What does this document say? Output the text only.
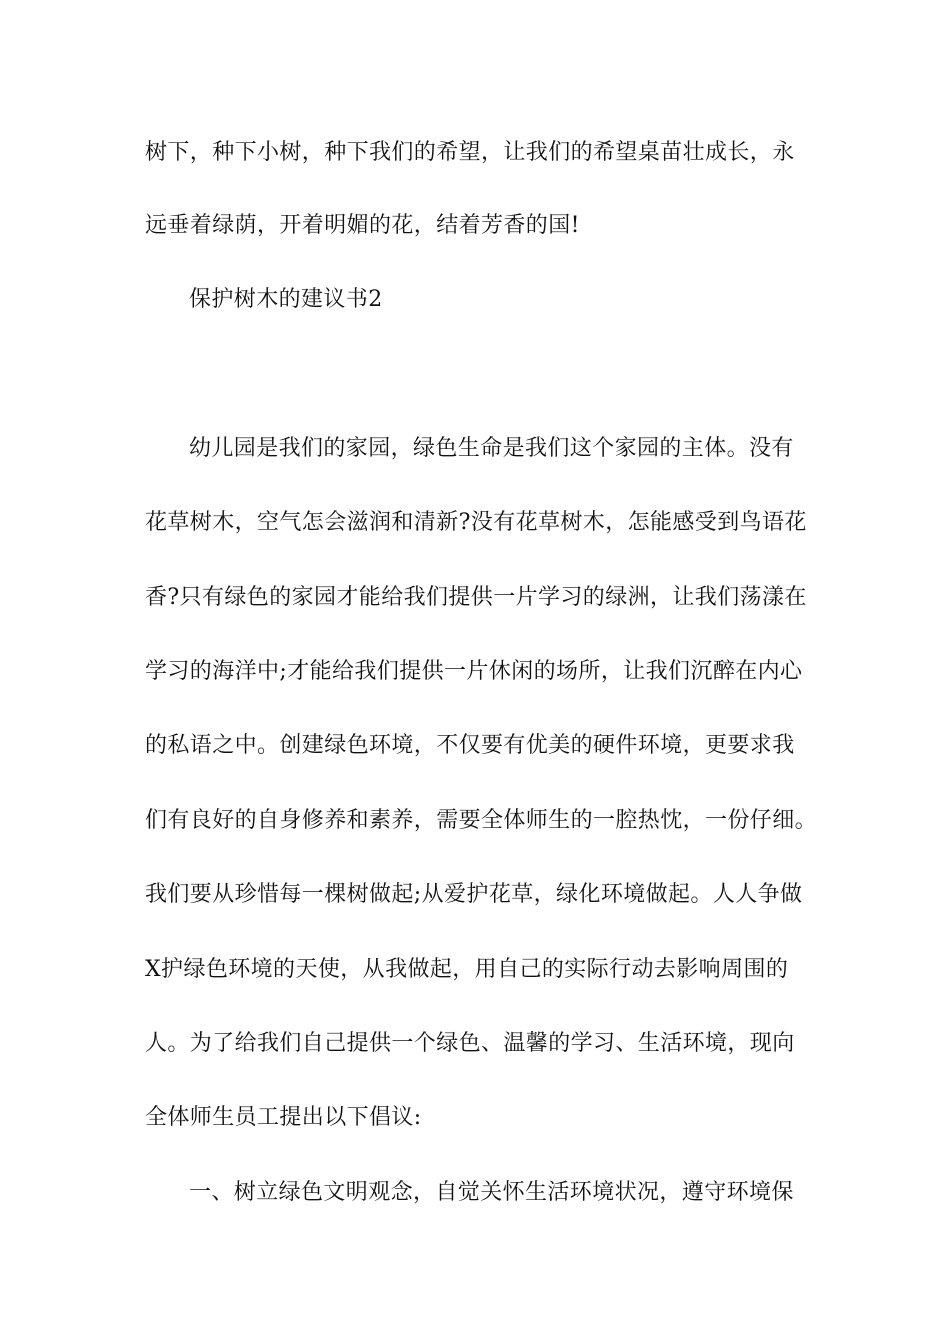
树下，种下小树，种下我们的希望，让我们的希望桌苗壮成长，永
远垂着绿荫，开着明媚的花，结着芳香的国!
保护树木的建议书2
幼儿园是我们的家园，绿色生命是我们这个家园的主体。没有
花草树木，空气怎会滋润和清新?没有花草树木，怎能感受到鸟语花
香?只有绿色的家园才能给我们提供一片学习的绿洲，让我们荡漾在
学习的海洋中;才能给我们提供一片休闲的场所，让我们沉醉在内心
的私语之中。创建绿色环境，不仅要有优美的硬件环境，更要求我
们有良好的自身修养和素养，需要全体师生的一腔热忱，一份仔细。
我们要从珍惜每一棵树做起;从爱护花草，绿化环境做起。人人争做
X护绿色环境的天使，从我做起，用自己的实际行动去影响周围的
人。为了给我们自己提供一个绿色、温馨的学习、生活环境，现向
全体师生员工提出以下倡议:
一、树立绿色文明观念，自觉关怀生活环境状况，遵守环境保
